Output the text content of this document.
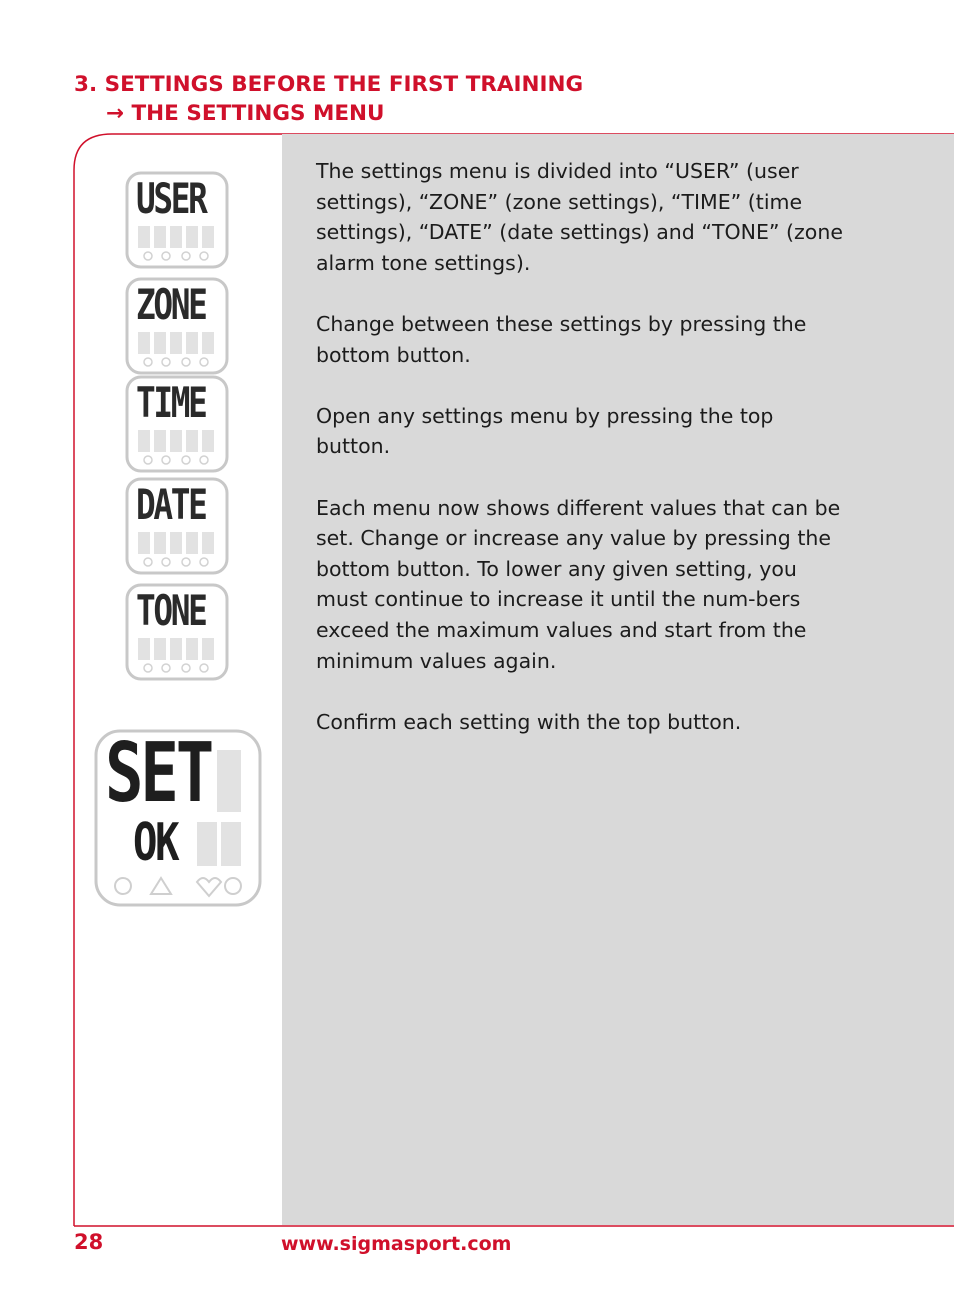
3. SETTINGS BEFORE THE FIRST TRAINING
→ THE SETTINGS MENU
USER
ZONE
TIME
DATE
TONE
SET
OK

The settings menu is divided into “USER” (user settings), “ZONE” (zone settings), “TIME” (time settings), “DATE” (date settings) and “TONE” (zone alarm tone settings).

Change between these settings by pressing the bottom button.

Open any settings menu by pressing the top button.

Each menu now shows different values that can be set. Change or increase any value by pressing the bottom button. To lower any given setting, you must continue to increase it until the num-bers exceed the maximum values and start from the minimum values again.

Confirm each setting with the top button.

28	www.sigmasport.com
